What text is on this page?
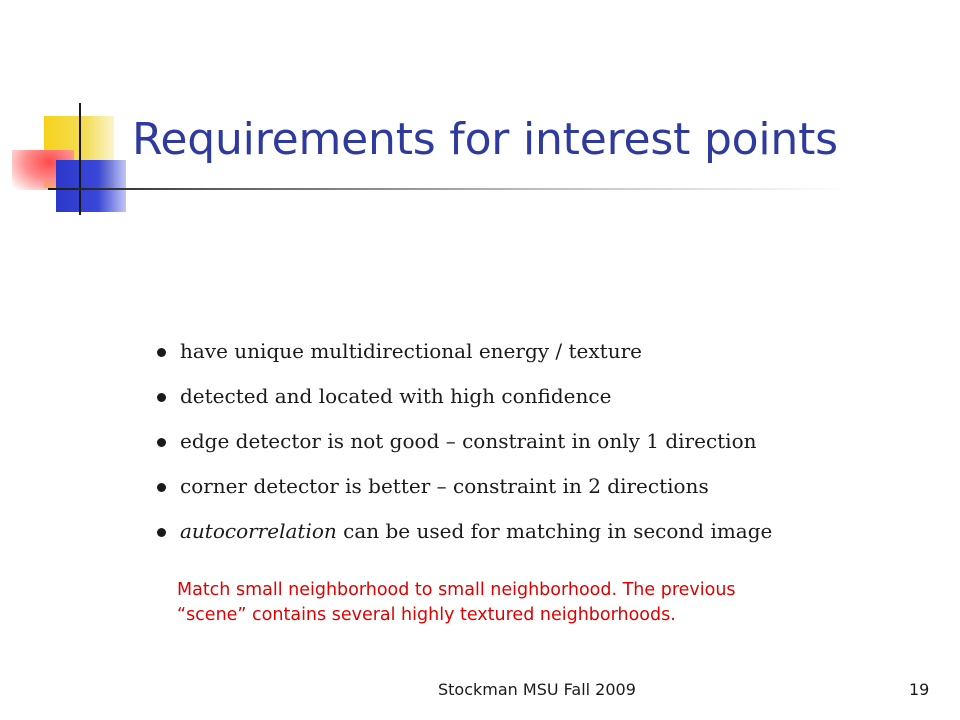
Requirements for interest points
have unique multidirectional energy / texture
detected and located with high confidence
edge detector is not good – constraint in only 1 direction
corner detector is better – constraint in 2 directions
autocorrelation can be used for matching in second image

Match small neighborhood to small neighborhood. The previous “scene” contains several highly textured neighborhoods.

Stockman MSU Fall 2009	19
